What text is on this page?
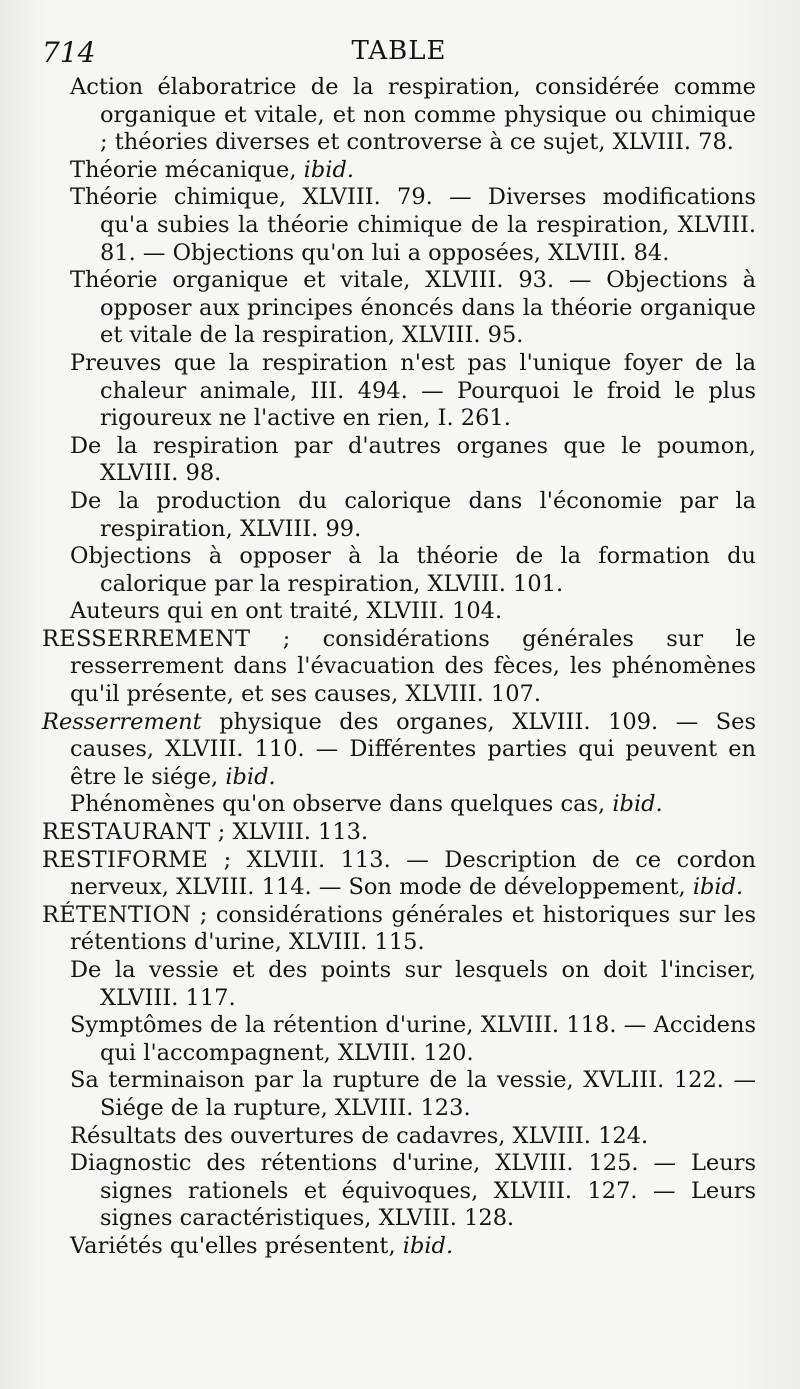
714	TABLE

Action élaboratrice de la respiration, considérée comme organique et vitale, et non comme physique ou chimique ; théories diverses et controverse à ce sujet, XLVIII. 78.

Théorie mécanique, ibid.

Théorie chimique, XLVIII. 79. — Diverses modifications qu'a subies la théorie chimique de la respiration, XLVIII. 81. — Objections qu'on lui a opposées, XLVIII. 84.

Théorie organique et vitale, XLVIII. 93. — Objections à opposer aux principes énoncés dans la théorie organique et vitale de la respiration, XLVIII. 95.

Preuves que la respiration n'est pas l'unique foyer de la chaleur animale, III. 494. — Pourquoi le froid le plus rigoureux ne l'active en rien, I. 261.

De la respiration par d'autres organes que le poumon, XLVIII. 98.

De la production du calorique dans l'économie par la respiration, XLVIII. 99.

Objections à opposer à la théorie de la formation du calorique par la respiration, XLVIII. 101.

Auteurs qui en ont traité, XLVIII. 104.

RESSERREMENT ; considérations générales sur le resserrement dans l'évacuation des fèces, les phénomènes qu'il présente, et ses causes, XLVIII. 107.

Resserrement physique des organes, XLVIII. 109. — Ses causes, XLVIII. 110. — Différentes parties qui peuvent en être le siége, ibid.

Phénomènes qu'on observe dans quelques cas, ibid.

RESTAURANT ; XLVIII. 113.

RESTIFORME ; XLVIII. 113. — Description de ce cordon nerveux, XLVIII. 114. — Son mode de développement, ibid.

RÉTENTION ; considérations générales et historiques sur les rétentions d'urine, XLVIII. 115.

De la vessie et des points sur lesquels on doit l'inciser, XLVIII. 117.

Symptômes de la rétention d'urine, XLVIII. 118. — Accidens qui l'accompagnent, XLVIII. 120.

Sa terminaison par la rupture de la vessie, XVLIII. 122. — Siége de la rupture, XLVIII. 123.

Résultats des ouvertures de cadavres, XLVIII. 124.

Diagnostic des rétentions d'urine, XLVIII. 125. — Leurs signes rationels et équivoques, XLVIII. 127. — Leurs signes caractéristiques, XLVIII. 128.

Variétés qu'elles présentent, ibid.
